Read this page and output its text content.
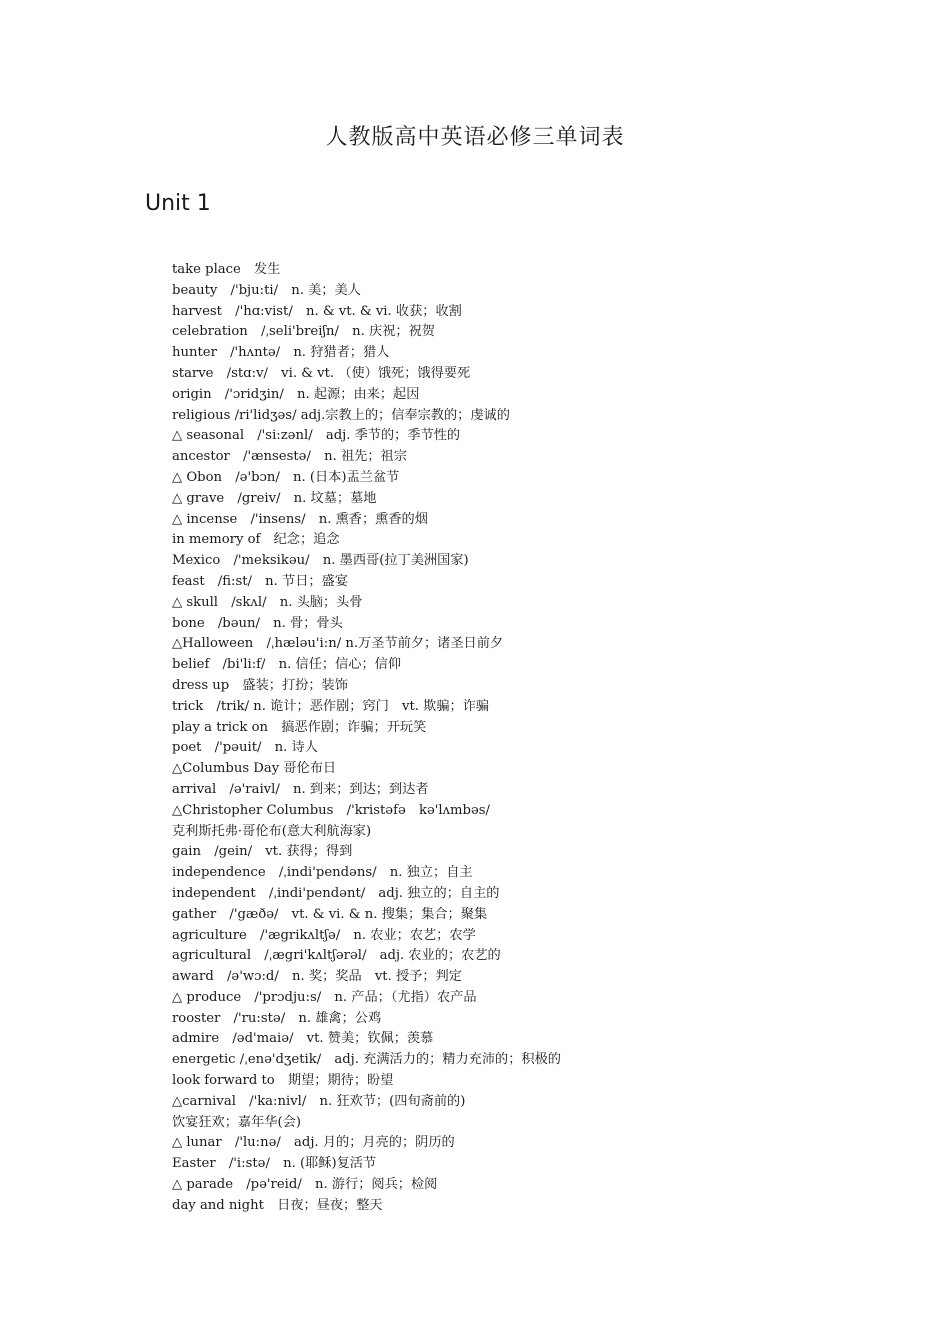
人教版高中英语必修三单词表
Unit 1
take place　发生
beauty　/'bju:ti/　n. 美；美人
harvest　/'hɑ:vist/　n. & vt. & vi. 收获；收割
celebration　/ˌseli'breiʃn/　n. 庆祝；祝贺
hunter　/'hʌntə/　n. 狩猎者；猎人
starve　/stɑ:v/　vi. & vt. （使）饿死；饿得要死
origin　/'ɔridʒin/　n. 起源；由来；起因
religious /ri'lidʒəs/ adj.宗教上的；信奉宗教的；虔诚的
△ seasonal　/'si:zənl/　adj. 季节的；季节性的
ancestor　/'ænsestə/　n. 祖先；祖宗
△ Obon　/ə'bɔn/　n. (日本)盂兰盆节
△ grave　/greiv/　n. 坟墓；墓地
△ incense　/'insens/　n. 熏香；熏香的烟
in memory of　纪念；追念
Mexico　/'meksikəu/　n. 墨西哥(拉丁美洲国家)
feast　/fi:st/　n. 节日；盛宴
△ skull　/skʌl/　n. 头脑；头骨
bone　/bəun/　n. 骨；骨头
△Halloween　/ˌhæləu'i:n/ n.万圣节前夕；诸圣日前夕
belief　/bi'li:f/　n. 信任；信心；信仰
dress up　盛装；打扮；装饰
trick　/trik/ n. 诡计；恶作剧；窍门　vt. 欺骗；诈骗
play a trick on　搞恶作剧；诈骗；开玩笑
poet　/'pəuit/　n. 诗人
△Columbus Day 哥伦布日
arrival　/ə'raivl/　n. 到来；到达；到达者
△Christopher Columbus　/'kristəfə　kə'lʌmbəs/
克利斯托弗·哥伦布(意大利航海家)
gain　/gein/　vt. 获得；得到
independence　/ˌindi'pendəns/　n. 独立；自主
independent　/ˌindi'pendənt/　adj. 独立的；自主的
gather　/'gæðə/　vt. & vi. & n. 搜集；集合；聚集
agriculture　/'ægrikʌltʃə/　n. 农业；农艺；农学
agricultural　/ˌægri'kʌltʃərəl/　adj. 农业的；农艺的
award　/ə'wɔ:d/　n. 奖；奖品　vt. 授予；判定
△ produce　/'prɔdju:s/　n. 产品；（尤指）农产品
rooster　/'ru:stə/　n. 雄禽；公鸡
admire　/əd'maiə/　vt. 赞美；钦佩；羡慕
energetic /ˌenə'dʒetik/　adj. 充满活力的；精力充沛的；积极的
look forward to　期望；期待；盼望
△carnival　/'ka:nivl/　n. 狂欢节；(四旬斋前的)
饮宴狂欢；嘉年华(会)
△ lunar　/'lu:nə/　adj. 月的；月亮的；阴历的
Easter　/'i:stə/　n. (耶稣)复活节
△ parade　/pə'reid/　n. 游行；阅兵；检阅
day and night　日夜；昼夜；整天
